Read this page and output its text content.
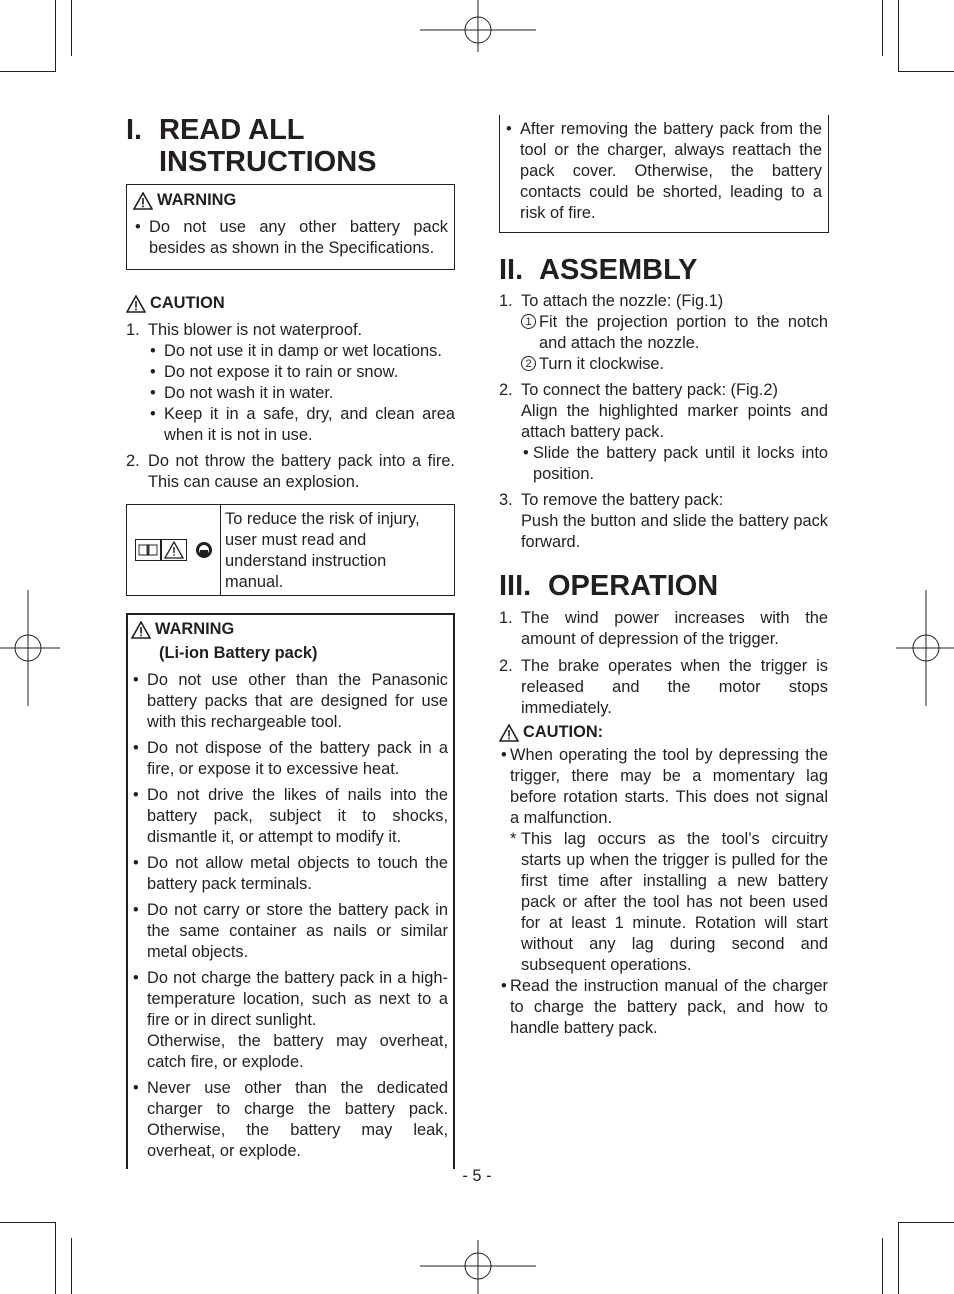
I. READ ALL
INSTRUCTIONS
WARNING
• Do not use any other battery pack besides as shown in the Specifications.
CAUTION
1. This blower is not waterproof.
• Do not use it in damp or wet locations.
• Do not expose it to rain or snow.
• Do not wash it in water.
• Keep it in a safe, dry, and clean area when it is not in use.
2. Do not throw the battery pack into a fire. This can cause an explosion.
To reduce the risk of injury, user must read and understand instruction manual.
WARNING
(Li-ion Battery pack)
• Do not use other than the Panasonic battery packs that are designed for use with this rechargeable tool.
• Do not dispose of the battery pack in a fire, or expose it to excessive heat.
• Do not drive the likes of nails into the battery pack, subject it to shocks, dismantle it, or attempt to modify it.
• Do not allow metal objects to touch the battery pack terminals.
• Do not carry or store the battery pack in the same container as nails or similar metal objects.
• Do not charge the battery pack in a high-temperature location, such as next to a fire or in direct sunlight.
Otherwise, the battery may overheat, catch fire, or explode.
• Never use other than the dedicated charger to charge the battery pack. Otherwise, the battery may leak, overheat, or explode.
• After removing the battery pack from the tool or the charger, always reattach the pack cover. Otherwise, the battery contacts could be shorted, leading to a risk of fire.
II. ASSEMBLY
1. To attach the nozzle: (Fig.1)
1 Fit the projection portion to the notch and attach the nozzle.
2 Turn it clockwise.
2. To connect the battery pack: (Fig.2)
Align the highlighted marker points and attach battery pack.
• Slide the battery pack until it locks into position.
3. To remove the battery pack:
Push the button and slide the battery pack forward.
III. OPERATION
1. The wind power increases with the amount of depression of the trigger.
2. The brake operates when the trigger is released and the motor stops immediately.
CAUTION:
• When operating the tool by depressing the trigger, there may be a momentary lag before rotation starts. This does not signal a malfunction.
* This lag occurs as the tool’s circuitry starts up when the trigger is pulled for the first time after installing a new battery pack or after the tool has not been used for at least 1 minute. Rotation will start without any lag during second and subsequent operations.
• Read the instruction manual of the charger to charge the battery pack, and how to handle battery pack.
- 5 -
